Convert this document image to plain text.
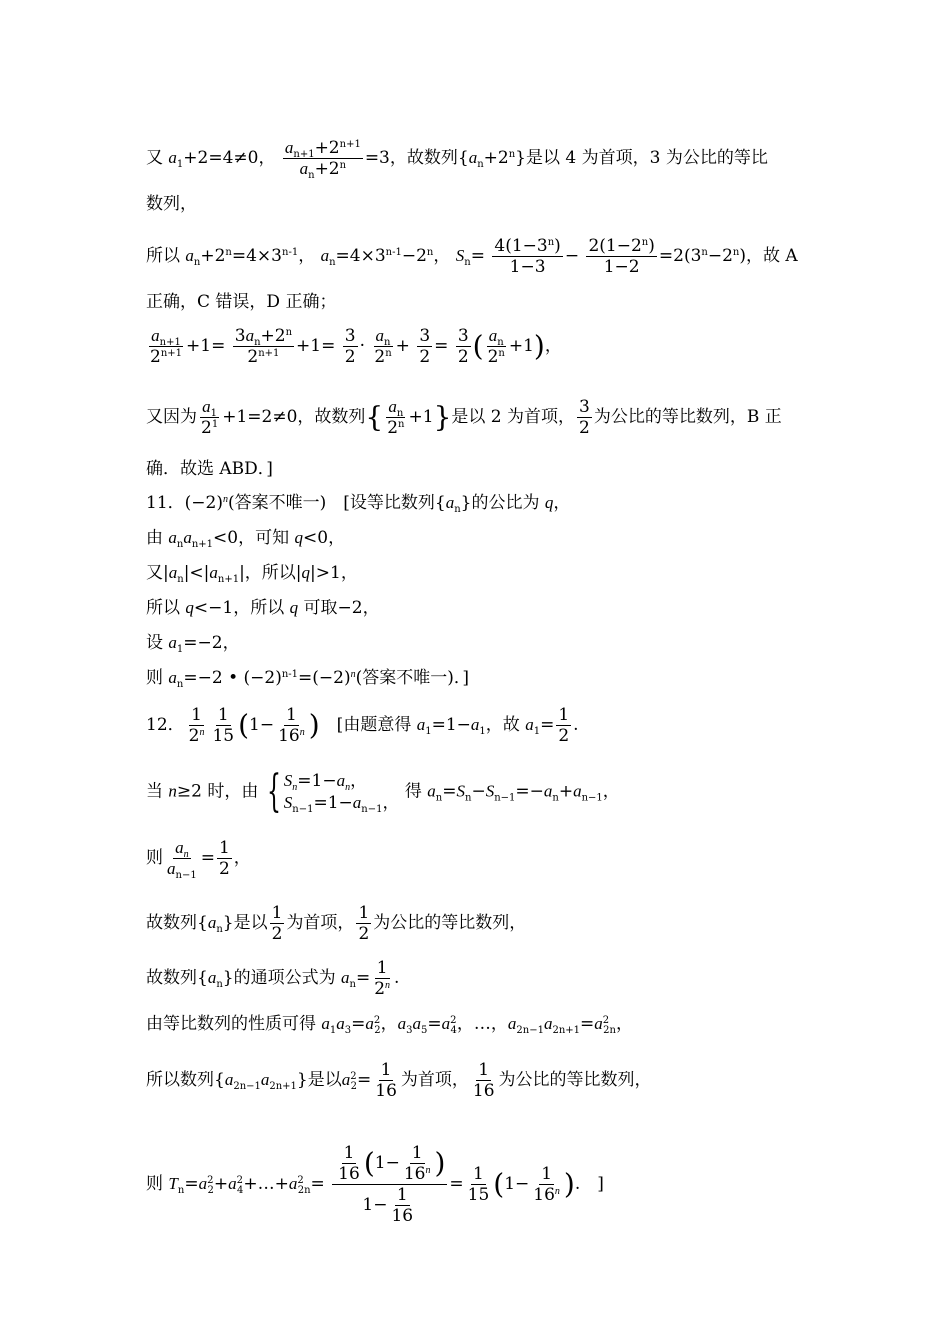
又 $a_1+2=4\ne 0$， $\frac{a_{n+1}+2^{n+1}}{a_n+2^n} =3$，故数列$\{a_n+2^n\}$是以 4 为首项，3 为公比的等比
数列，
所以 $a_n+2^n=4\times 3^{n-1}$， $a_n=4\times 3^{n-1}-2^n$， $S_n= \frac{4(1-3^n)}{1-3} - \frac{2(1-2^n)}{1-2} =2(3^n-2^n)$，故 A
正确，C 错误，D 正确；
$\frac{a_{n+1}}{2^{n+1}} +1= \frac{3a_n+2^n}{2^{n+1}} +1= \frac{3}{2} \cdot \frac{a_n}{2^n} + \frac{3}{2} = \frac{3}{2}$ ( $\frac{a_n}{2^n} +1$)，
又因为 $\frac{a_1}{2^1} +1=2\ne 0$，故数列{ $\frac{a_n}{2^n} +1$}是以 2 为首项， $\frac{3}{2}$ 为公比的等比数列，B 正
确．故选 ABD．]
11．$(-2)^n$(答案不唯一)　[设等比数列$\{a_n\}$的公比为 q，
由 $a_na_{n+1}<0$，可知 q<0，
又$|a_n|<|a_{n+1}|$，所以|q|>1，
所以 q<−1，所以 q 可取−2，
设 $a_1=-2$，
则 $a_n=-2$ • $(-2)^{n-1}=(-2)^n$(答案不唯一)．]
12． $\frac{1}{2^n} \frac{1}{15} (1- \frac{1}{16^n}$ )　[由题意得 $a_1=1-a_1$，故 $a_1= \frac{1}{2}$ .
当 n≥2 时，由 { $S_n=1-a_n$，
$S_{n-1}=1-a_{n-1}$，
得 $a_n=S_n-S_{n-1}=-a_n+a_{n-1}$，
则 $\frac{a_n}{a_{n-1}} = \frac{1}{2}$ ，
故数列$\{a_n\}$是以 $\frac{1}{2}$ 为首项， $\frac{1}{2}$ 为公比的等比数列，
故数列$\{a_n\}$的通项公式为 $a_n= \frac{1}{2^n}$ .
由等比数列的性质可得 $a_1a_3=a^2_2$，$a_3a_5=a^2_4$，…，$a_{2n-1}a_{2n+1}=a^2_{2n}$，
所以数列$\{a_{2n-1}a_{2n+1}\}$是以$a^2_2= \frac{1}{16}$ 为首项， $\frac{1}{16}$ 为公比的等比数列，
则 $T_n=a^2_2+a^2_4+\dots+a^2_{2n}= \frac{\frac{1}{16} (1- \frac{1}{16^n} )}{1- \frac{1}{16}} = \frac{1}{15} (1- \frac{1}{16^n}$ ).　]
